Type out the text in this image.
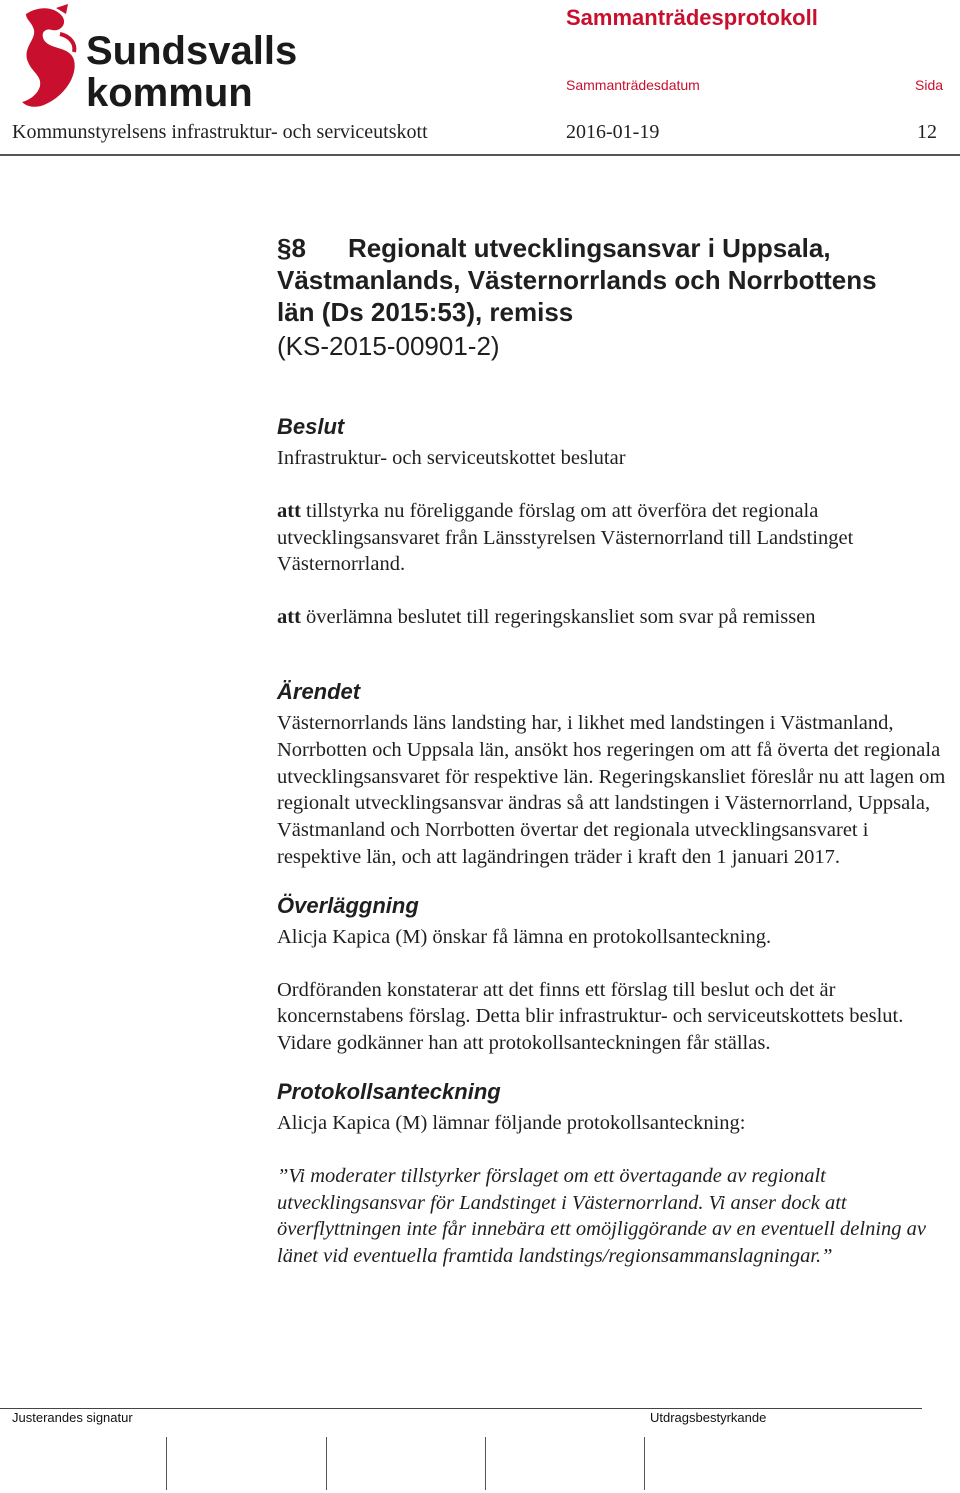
Sundsvalls
kommun
Sammanträdesprotokoll
Sammanträdesdatum	Sida
Kommunstyrelsens infrastruktur- och serviceutskott	2016-01-19	12
§8 Regionalt utvecklingsansvar i Uppsala,
Västmanlands, Västernorrlands och Norrbottens
län (Ds 2015:53), remiss
(KS-2015-00901-2)
Beslut

Infrastruktur- och serviceutskottet beslutar

att tillstyrka nu föreliggande förslag om att överföra det regionala utvecklingsansvaret från Länsstyrelsen Västernorrland till Landstinget Västernorrland.

att överlämna beslutet till regeringskansliet som svar på remissen

Ärendet

Västernorrlands läns landsting har, i likhet med landstingen i Västmanland, Norrbotten och Uppsala län, ansökt hos regeringen om att få överta det regionala utvecklingsansvaret för respektive län. Regeringskansliet föreslår nu att lagen om regionalt utvecklingsansvar ändras så att landstingen i Västernorrland, Uppsala, Västmanland och Norrbotten övertar det regionala utvecklingsansvaret i respektive län, och att lagändringen träder i kraft den 1 januari 2017.

Överläggning

Alicja Kapica (M) önskar få lämna en protokollsanteckning.

Ordföranden konstaterar att det finns ett förslag till beslut och det är koncernstabens förslag. Detta blir infrastruktur- och serviceutskottets beslut. Vidare godkänner han att protokollsanteckningen får ställas.

Protokollsanteckning

Alicja Kapica (M) lämnar följande protokollsanteckning:

”Vi moderater tillstyrker förslaget om ett övertagande av regionalt utvecklingsansvar för Landstinget i Västernorrland. Vi anser dock att överflyttningen inte får innebära ett omöjliggörande av en eventuell delning av länet vid eventuella framtida landstings/regionsammanslagningar.”

Justerandes signatur	Utdragsbestyrkande
